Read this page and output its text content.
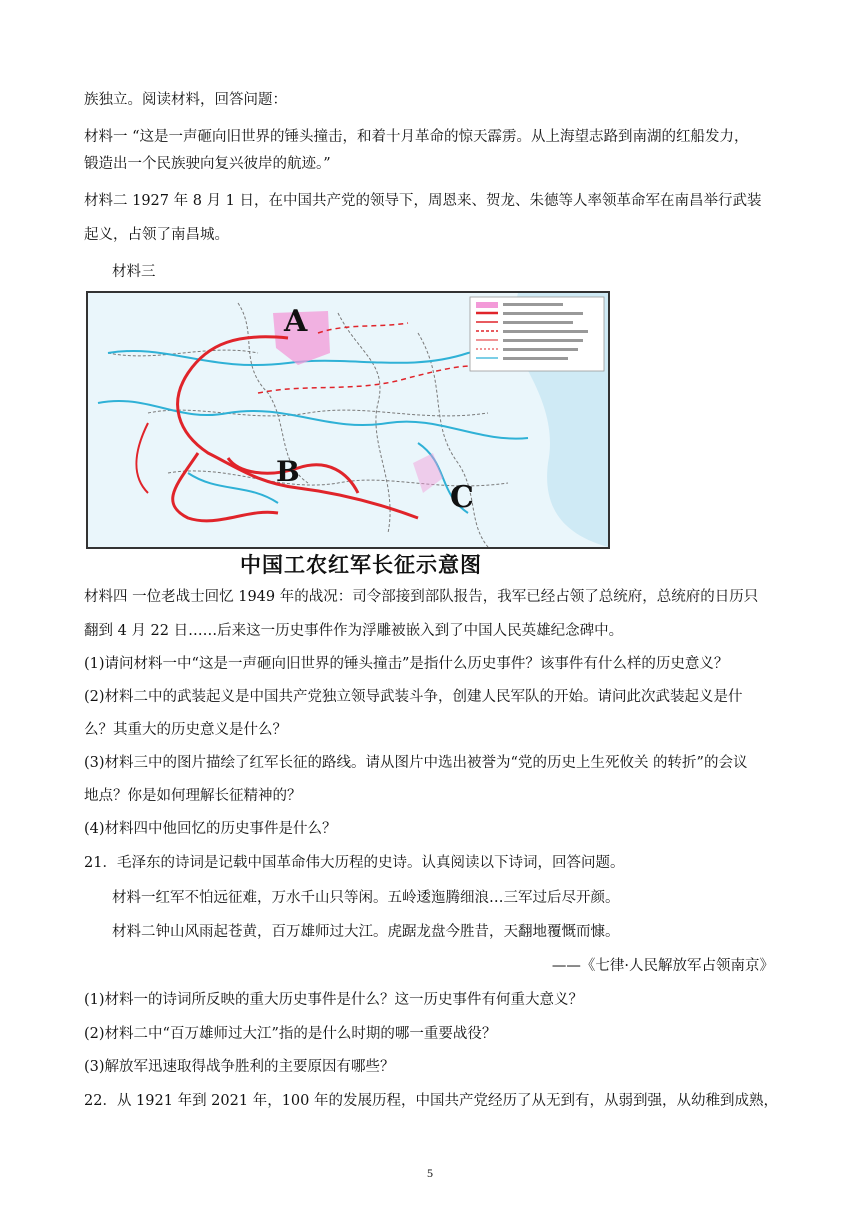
族独立。阅读材料，回答问题：
材料一 “这是一声砸向旧世界的锤头撞击，和着十月革命的惊天霹雳。从上海望志路到南湖的红船发力，
锻造出一个民族驶向复兴彼岸的航迹。”
材料二 1927 年 8 月 1 日，在中国共产党的领导下，周恩来、贺龙、朱德等人率领革命军在南昌举行武装
起义，占领了南昌城。
材料三
A
B
C
中国工农红军长征示意图
材料四 一位老战士回忆 1949 年的战况：司令部接到部队报告，我军已经占领了总统府，总统府的日历只
翻到 4 月 22 日……后来这一历史事件作为浮雕被嵌入到了中国人民英雄纪念碑中。
(1)请问材料一中“这是一声砸向旧世界的锤头撞击”是指什么历史事件？该事件有什么样的历史意义？
(2)材料二中的武装起义是中国共产党独立领导武装斗争，创建人民军队的开始。请问此次武装起义是什
么？其重大的历史意义是什么？
(3)材料三中的图片描绘了红军长征的路线。请从图片中选出被誉为“党的历史上生死攸关 的转折”的会议
地点？你是如何理解长征精神的？
(4)材料四中他回忆的历史事件是什么？
21．毛泽东的诗词是记载中国革命伟大历程的史诗。认真阅读以下诗词，回答问题。
材料一红军不怕远征难，万水千山只等闲。五岭逶迤腾细浪…三军过后尽开颜。
材料二钟山风雨起苍黄，百万雄师过大江。虎踞龙盘今胜昔，天翻地覆慨而慷。
——《七律·人民解放军占领南京》
(1)材料一的诗词所反映的重大历史事件是什么？这一历史事件有何重大意义？
(2)材料二中“百万雄师过大江”指的是什么时期的哪一重要战役？
(3)解放军迅速取得战争胜利的主要原因有哪些？
22．从 1921 年到 2021 年，100 年的发展历程，中国共产党经历了从无到有，从弱到强，从幼稚到成熟，
5
